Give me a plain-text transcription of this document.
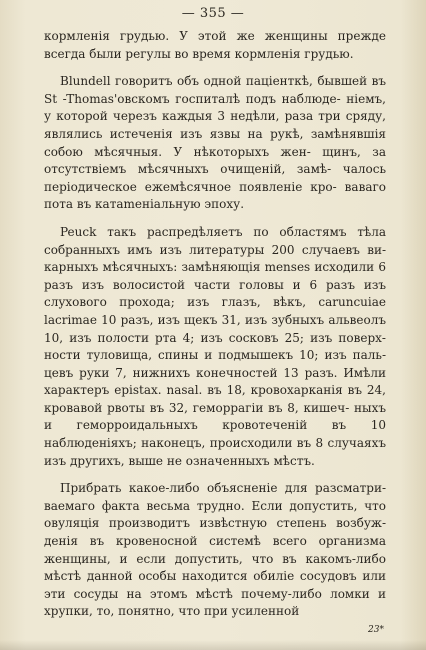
— 355 —

кормленія грудью. У этой же женщины прежде всегда были регулы во время кормленія грудью.

Blundell говоритъ объ одной паціенткѣ, бывшей въ St -Thomas'овскомъ госпиталѣ подъ наблюде- ніемъ, у которой черезъ каждыя 3 недѣли, раза три сряду, являлись истеченія изъ язвы на рукѣ, замѣнявшія собою мѣсячныя. У нѣкоторыхъ жен- щинъ, за отсутствіемъ мѣсячныхъ очищеній, замѣ- чалось періодическое ежемѣсячное появленіе кро- ваваго пота въ катameніальную эпоху.

Peuck такъ распредѣляетъ по областямъ тѣла собранныхъ имъ изъ литературы 200 случаевъ ви- карныхъ мѣсячныхъ: замѣняющія menses исходили 6 разъ изъ волосистой части головы и 6 разъ изъ слухового прохода; изъ глазъ, вѣкъ, caruncuiae lacrimae 10 разъ, изъ щекъ 31, изъ зубныхъ альвеолъ 10, изъ полости рта 4; изъ сосковъ 25; изъ поверх- ности туловища, спины и подмышекъ 10; изъ паль- цевъ руки 7, нижнихъ конечностей 13 разъ. Имѣли характеръ epistax. nasal. въ 18, кровохарканія въ 24, кровавой рвоты въ 32, геморрагіи въ 8, кишеч- ныхъ и геморроидальныхъ кровотеченій въ 10 наблюденіяхъ; наконецъ, происходили въ 8 случаяхъ изъ другихъ, выше не означенныхъ мѣстъ.

Прибрать какое-либо объясненіе для разсматри- ваемаго факта весьма трудно. Если допустить, что овуляція производитъ извѣстную степень возбуж- денія въ кровеносной системѣ всего организма женщины, и если допустить, что въ какомъ-либо мѣстѣ данной особы находится обиліе сосудовъ или эти сосуды на этомъ мѣстѣ почему-либо ломки и хрупки, то, понятно, что при усиленной

23*
